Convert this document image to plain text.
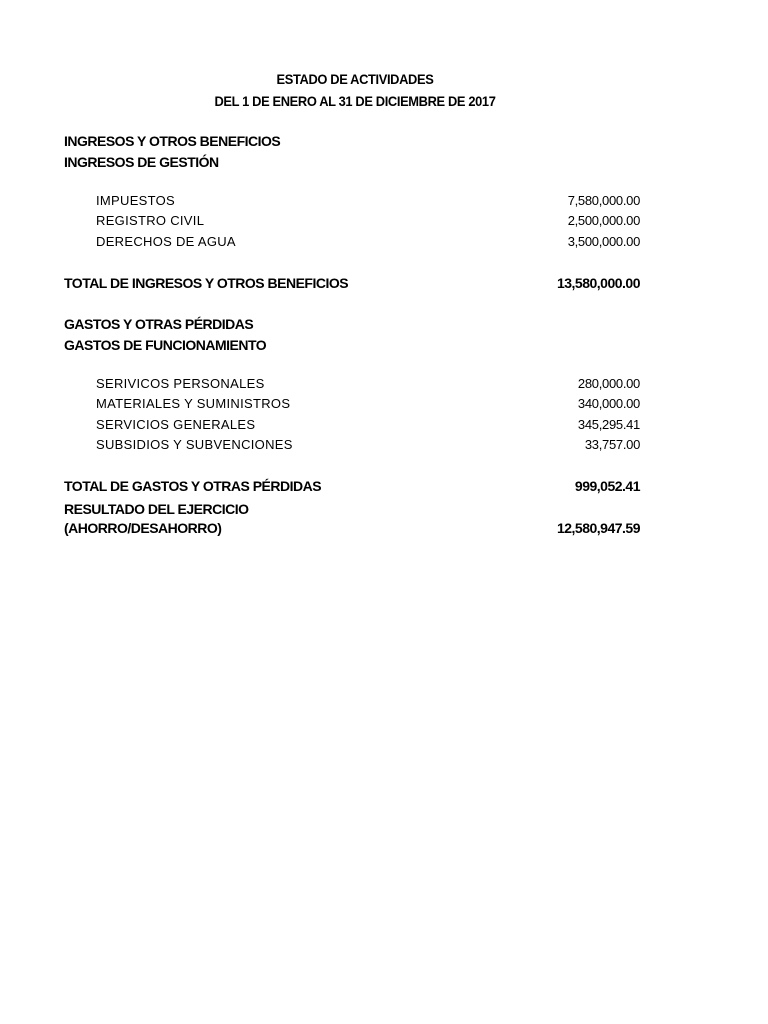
ESTADO DE ACTIVIDADES
DEL 1 DE ENERO AL 31 DE DICIEMBRE DE 2017
INGRESOS Y OTROS BENEFICIOS
INGRESOS DE GESTIÓN
IMPUESTOS	7,580,000.00
REGISTRO CIVIL	2,500,000.00
DERECHOS DE AGUA	3,500,000.00
TOTAL DE INGRESOS Y OTROS BENEFICIOS	13,580,000.00
GASTOS Y OTRAS PÉRDIDAS
GASTOS DE FUNCIONAMIENTO
SERIVICOS PERSONALES	280,000.00
MATERIALES Y SUMINISTROS	340,000.00
SERVICIOS GENERALES	345,295.41
SUBSIDIOS Y SUBVENCIONES	33,757.00
TOTAL DE GASTOS Y OTRAS PÉRDIDAS	999,052.41
RESULTADO DEL EJERCICIO
(AHORRO/DESAHORRO)	12,580,947.59
